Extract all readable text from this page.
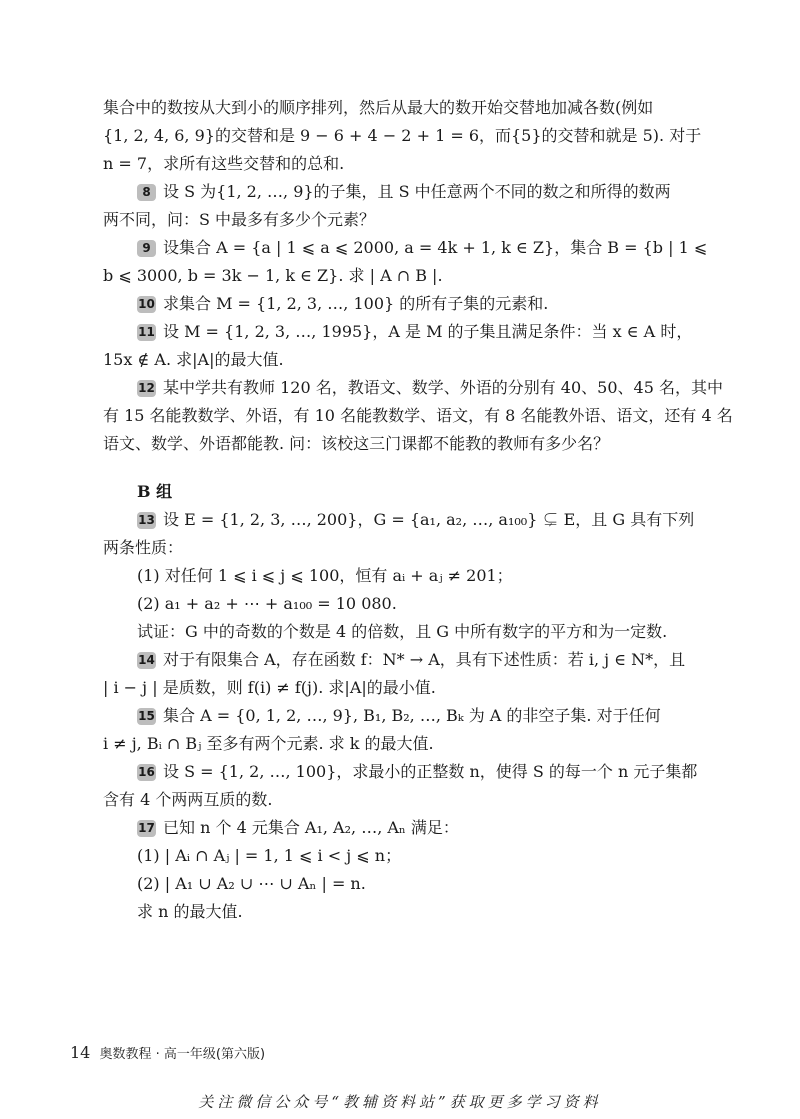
集合中的数按从大到小的顺序排列，然后从最大的数开始交替地加减各数(例如
{1, 2, 4, 6, 9}的交替和是 9 − 6 + 4 − 2 + 1 = 6，而{5}的交替和就是 5). 对于
n = 7，求所有这些交替和的总和.
8 设 S 为{1, 2, …, 9}的子集，且 S 中任意两个不同的数之和所得的数两
两不同，问：S 中最多有多少个元素？
9 设集合 A = {a | 1 ⩽ a ⩽ 2000, a = 4k + 1, k ∈ Z}，集合 B = {b | 1 ⩽
b ⩽ 3000, b = 3k − 1, k ∈ Z}. 求 | A ∩ B |.
10 求集合 M = {1, 2, 3, …, 100} 的所有子集的元素和.
11 设 M = {1, 2, 3, …, 1995}，A 是 M 的子集且满足条件：当 x ∈ A 时，
15x ∉ A. 求|A|的最大值.
12 某中学共有教师 120 名，教语文、数学、外语的分别有 40、50、45 名，其中
有 15 名能教数学、外语，有 10 名能教数学、语文，有 8 名能教外语、语文，还有 4 名
语文、数学、外语都能教. 问：该校这三门课都不能教的教师有多少名？
B 组
13 设 E = {1, 2, 3, …, 200}，G = {a₁, a₂, …, a₁₀₀} ⊊ E，且 G 具有下列
两条性质：
(1) 对任何 1 ⩽ i ⩽ j ⩽ 100，恒有 aᵢ + aⱼ ≠ 201；
(2) a₁ + a₂ + ⋯ + a₁₀₀ = 10 080.
试证：G 中的奇数的个数是 4 的倍数，且 G 中所有数字的平方和为一定数.
14 对于有限集合 A，存在函数 f：N* → A，具有下述性质：若 i, j ∈ N*，且
| i − j | 是质数，则 f(i) ≠ f(j). 求|A|的最小值.
15 集合 A = {0, 1, 2, …, 9}, B₁, B₂, …, Bₖ 为 A 的非空子集. 对于任何
i ≠ j, Bᵢ ∩ Bⱼ 至多有两个元素. 求 k 的最大值.
16 设 S = {1, 2, …, 100}，求最小的正整数 n，使得 S 的每一个 n 元子集都
含有 4 个两两互质的数.
17 已知 n 个 4 元集合 A₁, A₂, …, Aₙ 满足：
(1) | Aᵢ ∩ Aⱼ | = 1, 1 ⩽ i < j ⩽ n；
(2) | A₁ ∪ A₂ ∪ ⋯ ∪ Aₙ | = n.
求 n 的最大值.
14 奥数教程 · 高一年级(第六版)
关注微信公众号“教辅资料站”获取更多学习资料
